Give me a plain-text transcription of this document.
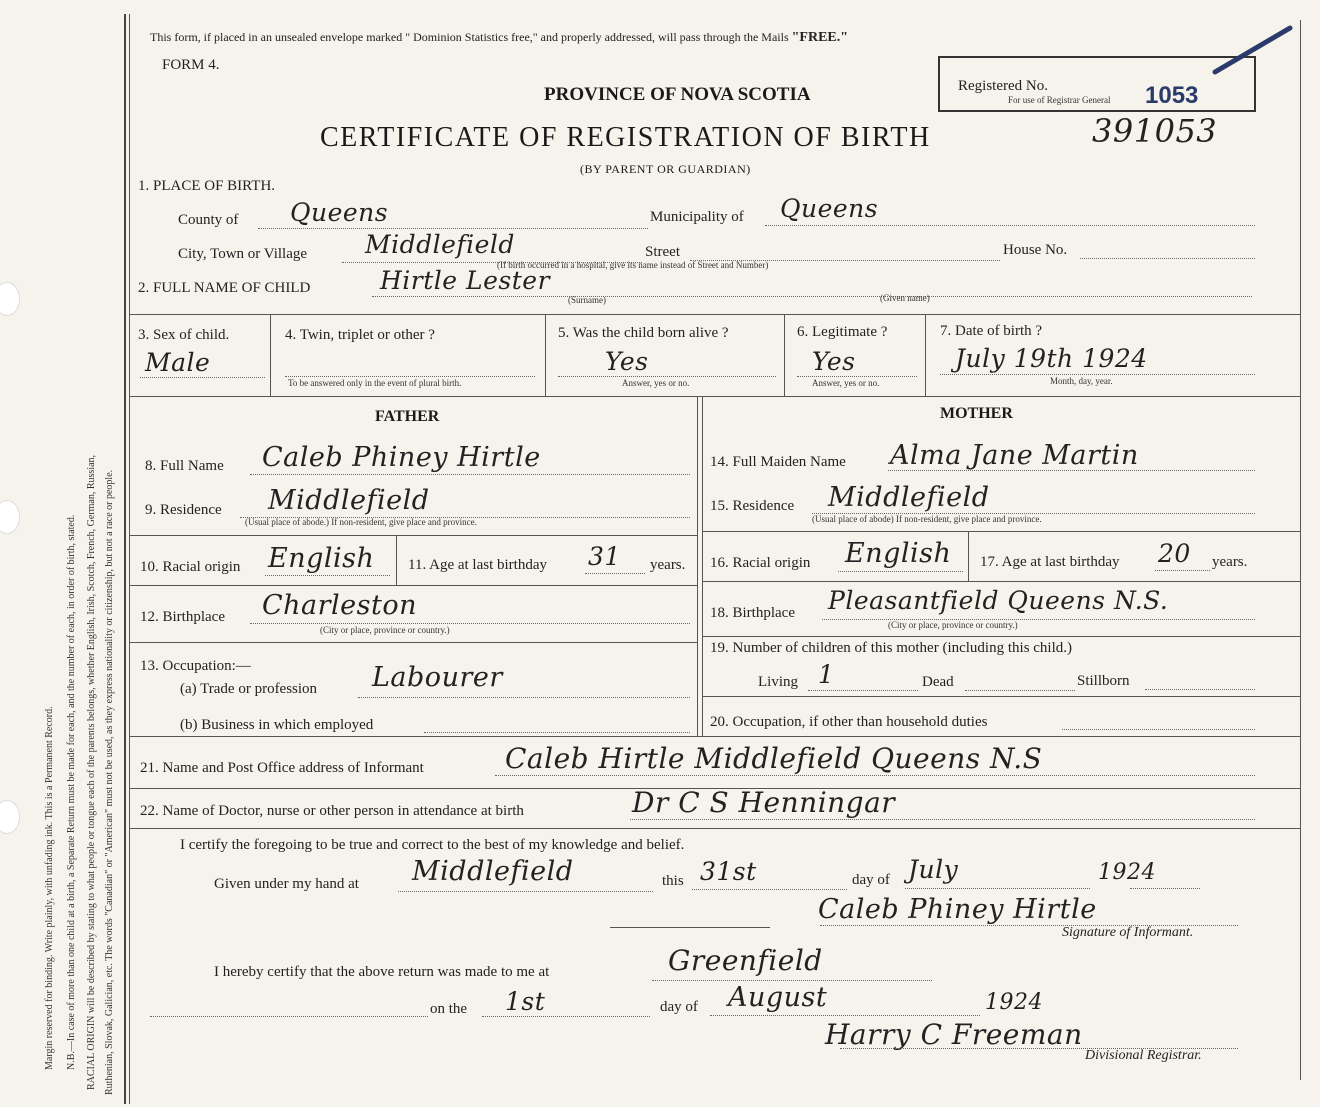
Margin reserved for binding. Write plainly, with unfading ink. This is a Permanent Record. N.B.—In case of more than one child at a birth, a Separate Return must be made for each, and the number of each, in order of birth, stated. RACIAL ORIGIN will be described by stating to what people or tongue each of the parents belongs, whether English, Irish, Scotch, French, German, Russian, Ruthenian, Slovak, Galician, etc. The words "Canadian" or "American" must not be used, as they express nationality or citizenship, but not a race or people.
This form, if placed in an unsealed envelope marked " Dominion Statistics free," and properly addressed, will pass through the Mails "FREE."
FORM 4.
PROVINCE OF NOVA SCOTIA
CERTIFICATE OF REGISTRATION OF BIRTH
(BY PARENT OR GUARDIAN)
391053
Registered No.
For use of Registrar General 1053
1. PLACE OF BIRTH.
County of Queens	Municipality of Queens
City, Town or Village Middlefield	Street	House No.
(If birth occurred in a hospital, give its name instead of Street and Number)
2. FULL NAME OF CHILD	Hirtle Lester
(Surname)	(Given name)
3. Sex of child.
Male
4. Twin, triplet or other ?
To be answered only in the event of plural birth.
5. Was the child born alive ?
Yes
Answer, yes or no.
6. Legitimate ?
Yes
Answer, yes or no.
7. Date of birth ?
July 19th 1924
Month, day, year.
FATHER	MOTHER
8. Full Name Caleb Phiney Hirtle
9. Residence Middlefield
(Usual place of abode.) If non-resident, give place and province.
10. Racial origin English 11. Age at last birthday 31 years.
12. Birthplace Charleston
(City or place, province or country.)
13. Occupation:—
(a) Trade or profession Labourer
(b) Business in which employed
14. Full Maiden Name Alma Jane Martin
15. Residence Middlefield
(Usual place of abode) If non-resident, give place and province.
16. Racial origin English 17. Age at last birthday 20 years.
18. Birthplace Pleasantfield Queens N.S.
(City or place, province or country.)
19. Number of children of this mother (including this child.)
Living 1	Dead	Stillborn
20. Occupation, if other than household duties
21. Name and Post Office address of Informant	Caleb Hirtle Middlefield Queens N.S
22. Name of Doctor, nurse or other person in attendance at birth	Dr C S Henningar
I certify the foregoing to be true and correct to the best of my knowledge and belief.
Given under my hand at Middlefield	this 31st	day of July	1924
Caleb Phiney Hirtle
Signature of Informant.
I hereby certify that the above return was made to me at	Greenfield
on the 1st	day of August	1924
Harry C Freeman
Divisional Registrar.
